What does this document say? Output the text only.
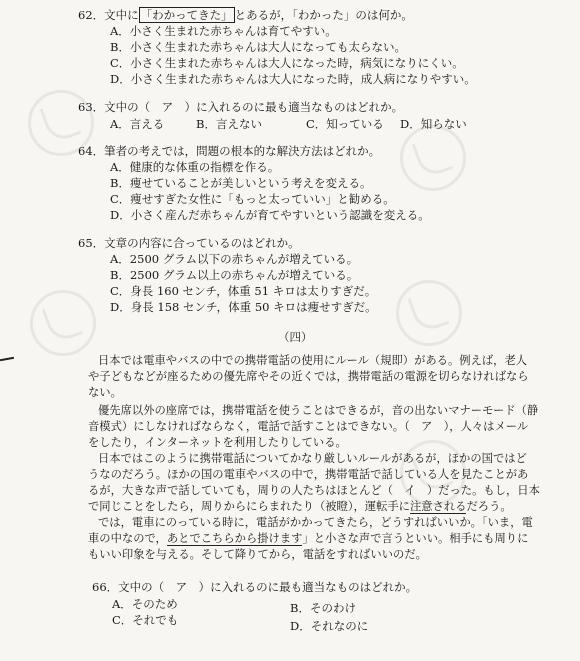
62．文中に 「わかってきた」 とあるが，「わかった」のは何か。
A．小さく生まれた赤ちゃんは育てやすい。
B．小さく生まれた赤ちゃんは大人になっても太らない。
C．小さく生まれた赤ちゃんは大人になった時，病気になりにくい。
D．小さく生まれた赤ちゃんは大人になった時，成人病になりやすい。
63．文中の（　ア　）に入れるのに最も適当なものはどれか。
A．言える	B．言えない	C．知っている D．知らない
64．筆者の考えでは，問題の根本的な解決方法はどれか。
A．健康的な体重の指標を作る。
B．痩せていることが美しいという考えを変える。
C．痩せすぎた女性に「もっと太っていい」と勧める。
D．小さく産んだ赤ちゃんが育てやすいという認識を変える。
65．文章の内容に合っているのはどれか。
A．2500 グラム以下の赤ちゃんが増えている。
B．2500 グラム以上の赤ちゃんが増えている。
C．身長 160 センチ，体重 51 キロは太りすぎだ。
D．身長 158 センチ，体重 50 キロは痩せすぎだ。
（四）
日本では電車やバスの中での携帯電話の使用にルール（規即）がある。例えば，老人
や子どもなどが座るための優先席やその近くでは，携帯電話の電源を切らなければなら
ない。
優先席以外の座席では，携帯電話を使うことはできるが，音の出ないマナーモード（静
音模式）にしなければならなく，電話で話すことはできない。（　ア　），人々はメール
をしたり，インターネットを利用したりしている。
日本ではこのように携帯電話についてかなり厳しいルールがあるが，ほかの国ではど
うなのだろう。ほかの国の電車やバスの中で，携帯電話で話している人を見たことがあ
るが，大きな声で話していても，周りの人たちはほとんど（　イ　）だった。もし，日本
で同じことをしたら，周りからにらまれたり（被瞪），運転手に注意されるだろう。
では，電車にのっている時に，電話がかかってきたら，どうすればいいか。「いま，電
車の中なので，あとでこちらから掛けます」と小さな声で言うといい。相手にも周りに
もいい印象を与える。そして降りてから，電話をすればいいのだ。
66．文中の（　ア　）に入れるのに最も適当なものはどれか。
A．そのため	B．そのわけ
C．それでも	D．それなのに
